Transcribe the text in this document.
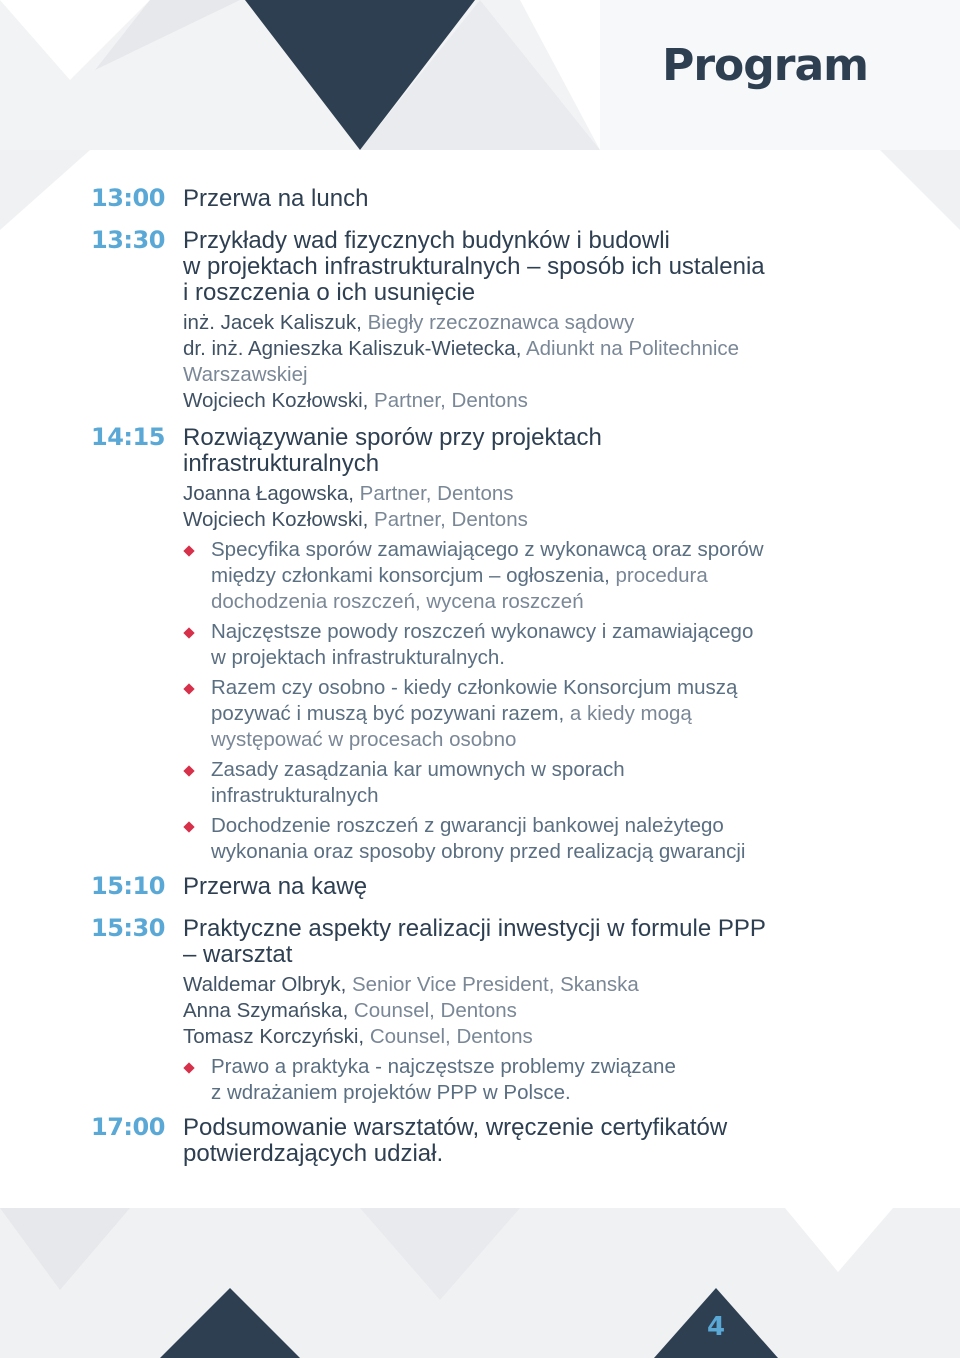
Program
13:00 Przerwa na lunch
13:30 Przykłady wad fizycznych budynków i budowli
w projektach infrastrukturalnych – sposób ich ustalenia
i roszczenia o ich usunięcie
inż. Jacek Kaliszuk, Biegły rzeczoznawca sądowy
dr. inż. Agnieszka Kaliszuk-Wietecka, Adiunkt na Politechnice
Warszawskiej
Wojciech Kozłowski, Partner, Dentons
14:15 Rozwiązywanie sporów przy projektach
infrastrukturalnych
Joanna Łagowska, Partner, Dentons
Wojciech Kozłowski, Partner, Dentons
Specyfika sporów zamawiającego z wykonawcą oraz sporów
między członkami konsorcjum – ogłoszenia, procedura
dochodzenia roszczeń, wycena roszczeń
Najczęstsze powody roszczeń wykonawcy i zamawiającego
w projektach infrastrukturalnych.
Razem czy osobno - kiedy członkowie Konsorcjum muszą
pozywać i muszą być pozywani razem, a kiedy mogą
występować w procesach osobno
Zasady zasądzania kar umownych w sporach
infrastrukturalnych
Dochodzenie roszczeń z gwarancji bankowej należytego
wykonania oraz sposoby obrony przed realizacją gwarancji
15:10 Przerwa na kawę
15:30 Praktyczne aspekty realizacji inwestycji w formule PPP
– warsztat
Waldemar Olbryk, Senior Vice President, Skanska
Anna Szymańska, Counsel, Dentons
Tomasz Korczyński, Counsel, Dentons
Prawo a praktyka - najczęstsze problemy związane
z wdrażaniem projektów PPP w Polsce.
17:00 Podsumowanie warsztatów, wręczenie certyfikatów
potwierdzających udział.
4
